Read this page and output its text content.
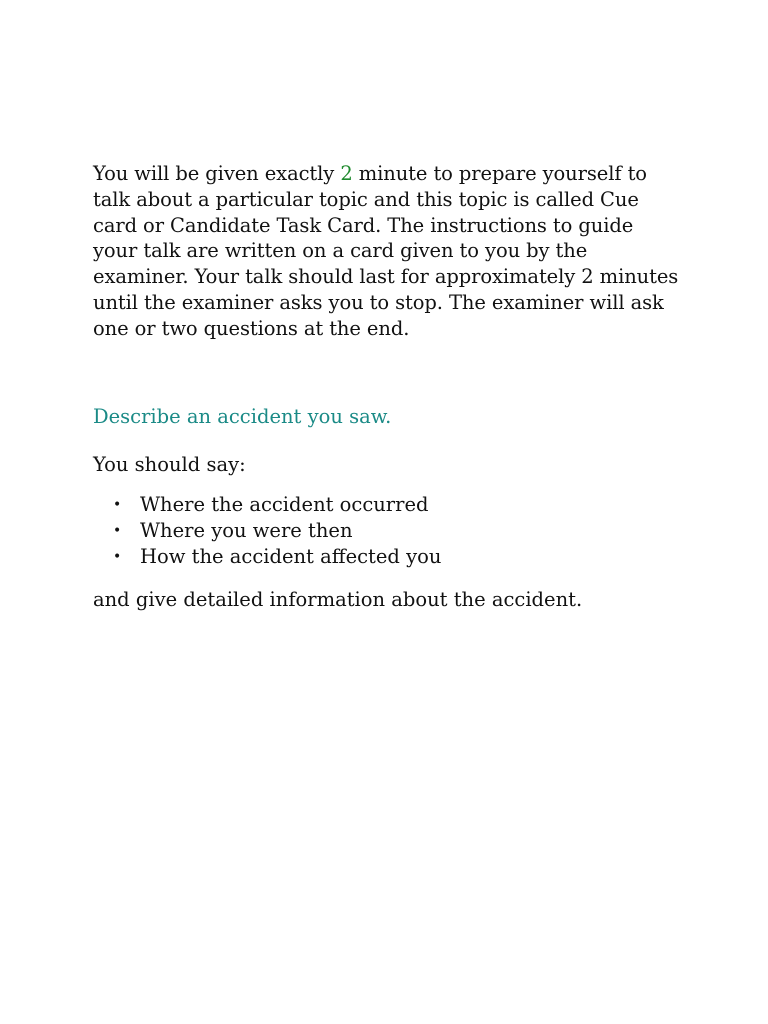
You will be given exactly 2 minute to prepare yourself to talk about a particular topic and this topic is called Cue card or Candidate Task Card. The instructions to guide your talk are written on a card given to you by the examiner. Your talk should last for approximately 2 minutes until the examiner asks you to stop. The examiner will ask one or two questions at the end.

Describe an accident you saw.

You should say:

• Where the accident occurred
• Where you were then
• How the accident affected you

and give detailed information about the accident.
